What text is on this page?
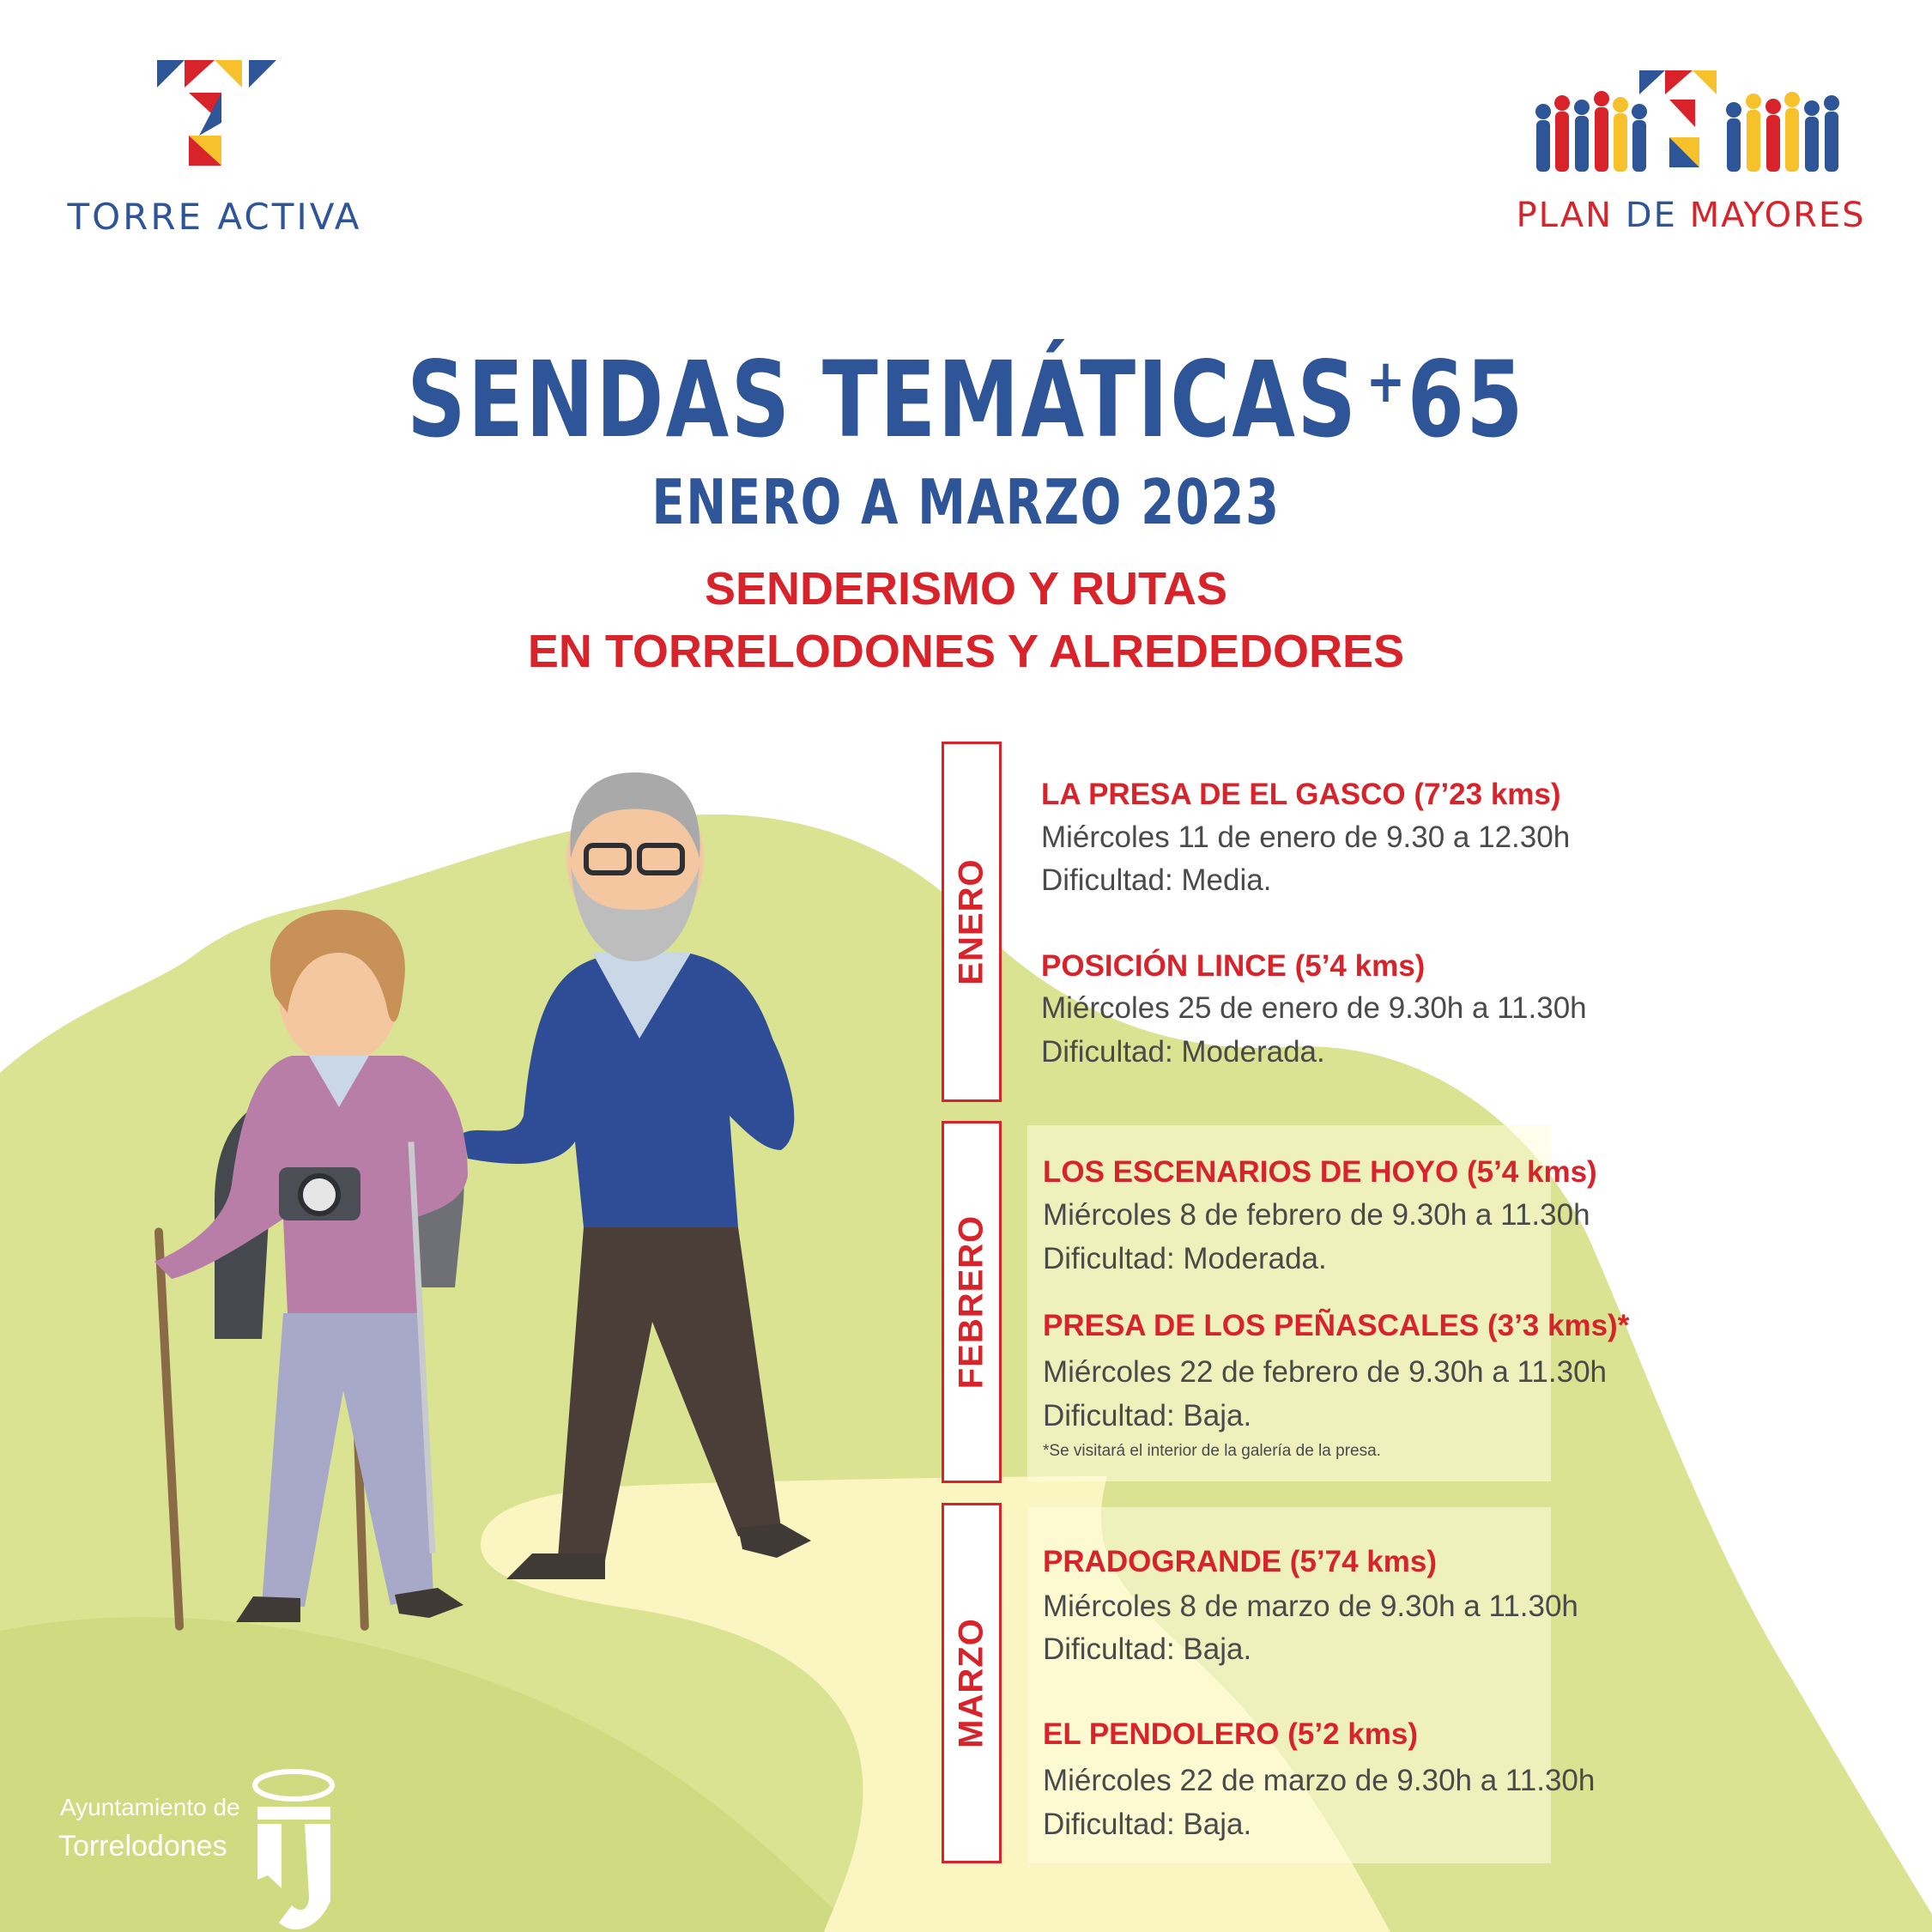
TORRE ACTIVA	PLAN DE MAYORES
SENDAS TEMÁTICAS +65
ENERO A MARZO 2023
SENDERISMO Y RUTAS
EN TORRELODONES Y ALREDEDORES
ENERO
FEBRERO
MARZO
LA PRESA DE EL GASCO (7’23 kms)
Miércoles 11 de enero de 9.30 a 12.30h
Dificultad: Media.
POSICIÓN LINCE (5’4 kms)
Miércoles 25 de enero de 9.30h a 11.30h
Dificultad: Moderada.
LOS ESCENARIOS DE HOYO (5’4 kms)
Miércoles 8 de febrero de 9.30h a 11.30h
Dificultad: Moderada.
PRESA DE LOS PEÑASCALES (3’3 kms)*
Miércoles 22 de febrero de 9.30h a 11.30h
Dificultad: Baja.
*Se visitará el interior de la galería de la presa.
PRADOGRANDE (5’74 kms)
Miércoles 8 de marzo de 9.30h a 11.30h
Dificultad: Baja.
EL PENDOLERO (5’2 kms)
Miércoles 22 de marzo de 9.30h a 11.30h
Dificultad: Baja.
Ayuntamiento de
Torrelodones
